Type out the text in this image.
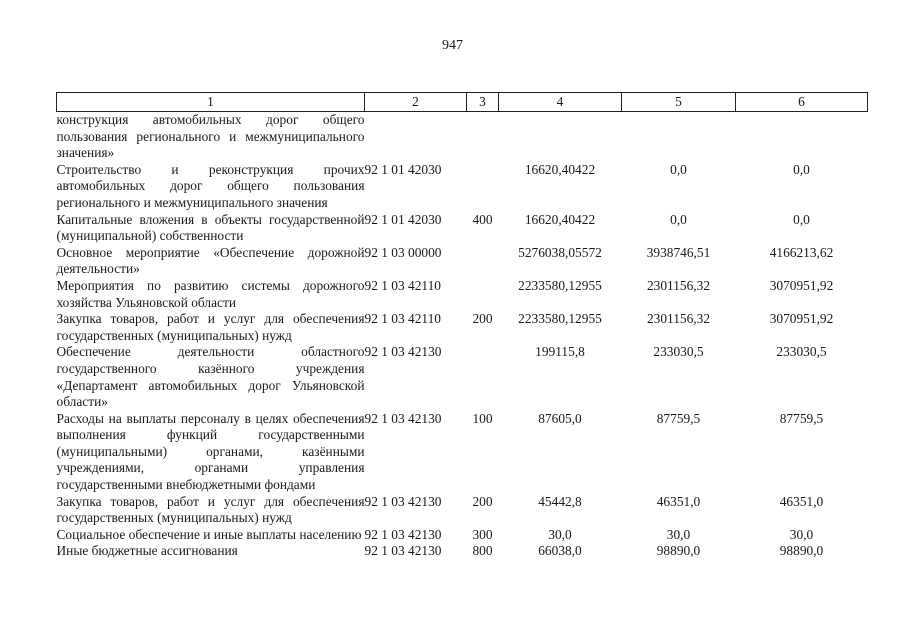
947
1	2	3	4	5	6
конструкция автомобильных дорог общего пользования регионального и межмуниципального значения»					
Строительство и реконструкция прочих автомобильных дорог общего пользования регионального и межмуниципального значения	92 1 01 42030		16620,40422	0,0	0,0
Капитальные вложения в объекты государственной (муниципальной) собственности	92 1 01 42030	400	16620,40422	0,0	0,0
Основное мероприятие «Обеспечение дорожной деятельности»	92 1 03 00000		5276038,05572	3938746,51	4166213,62
Мероприятия по развитию системы дорожного хозяйства Ульяновской области	92 1 03 42110		2233580,12955	2301156,32	3070951,92
Закупка товаров, работ и услуг для обеспечения государственных (муниципальных) нужд	92 1 03 42110	200	2233580,12955	2301156,32	3070951,92
Обеспечение деятельности областного государственного казённого учреждения «Департамент автомобильных дорог Ульяновской области»	92 1 03 42130		199115,8	233030,5	233030,5
Расходы на выплаты персоналу в целях обеспечения выполнения функций государственными (муниципальными) органами, казёнными учреждениями, органами управления государственными внебюджетными фондами	92 1 03 42130	100	87605,0	87759,5	87759,5
Закупка товаров, работ и услуг для обеспечения государственных (муниципальных) нужд	92 1 03 42130	200	45442,8	46351,0	46351,0
Социальное обеспечение и иные выплаты населению	92 1 03 42130	300	30,0	30,0	30,0
Иные бюджетные ассигнования	92 1 03 42130	800	66038,0	98890,0	98890,0
